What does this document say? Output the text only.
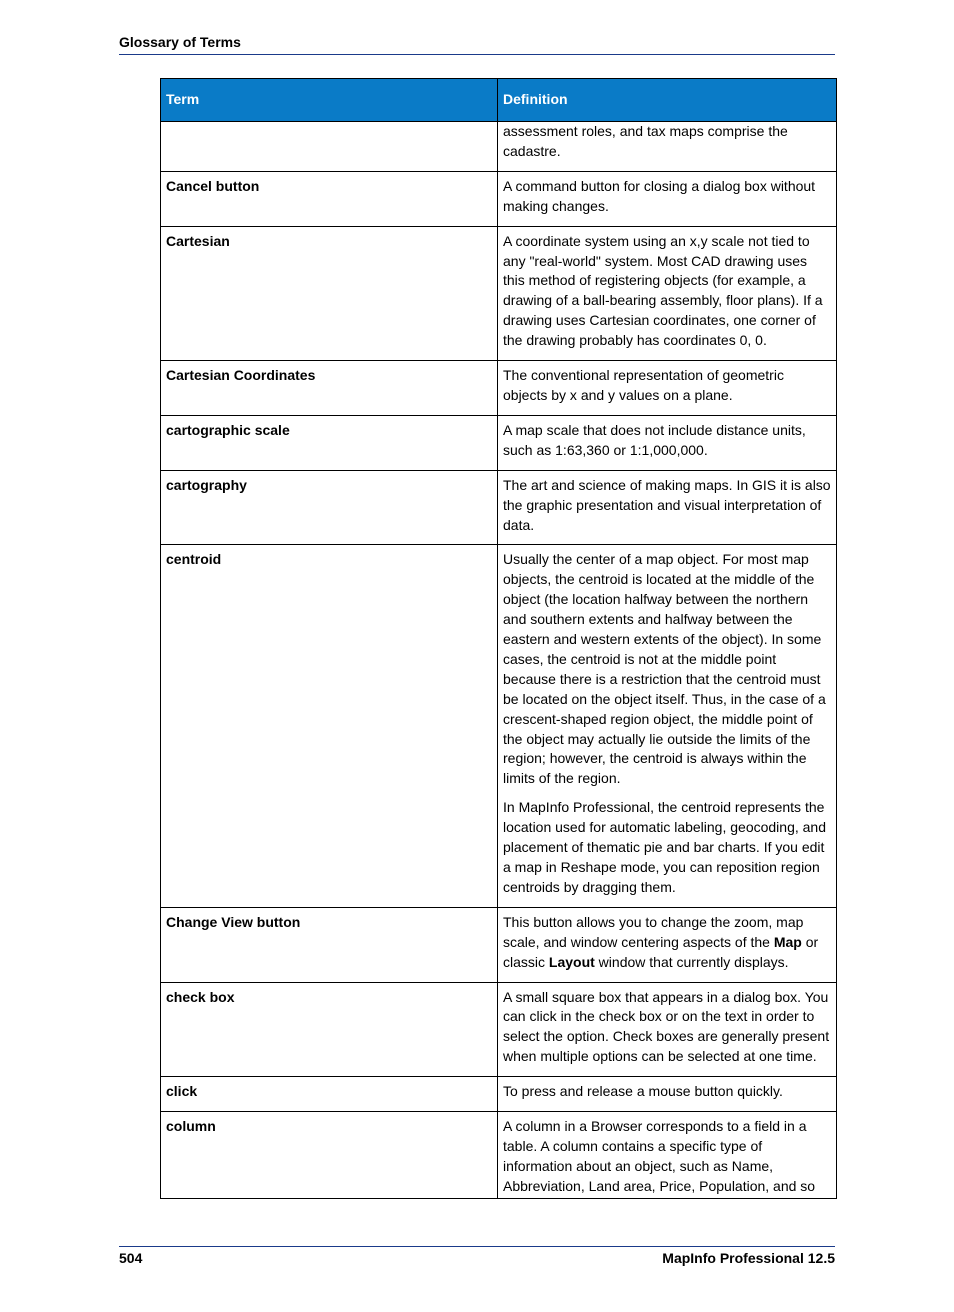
Glossary of Terms
Term	Definition

	assessment roles, and tax maps comprise the cadastre.

Cancel button	A command button for closing a dialog box without making changes.

Cartesian	A coordinate system using an x,y scale not tied to any "real-world" system. Most CAD drawing uses this method of registering objects (for example, a drawing of a ball-bearing assembly, floor plans). If a drawing uses Cartesian coordinates, one corner of the drawing probably has coordinates 0, 0.

Cartesian Coordinates	The conventional representation of geometric objects by x and y values on a plane.

cartographic scale	A map scale that does not include distance units, such as 1:63,360 or 1:1,000,000.

cartography	The art and science of making maps. In GIS it is also the graphic presentation and visual interpretation of data.

centroid	Usually the center of a map object. For most map objects, the centroid is located at the middle of the object (the location halfway between the northern and southern extents and halfway between the eastern and western extents of the object). In some cases, the centroid is not at the middle point because there is a restriction that the centroid must be located on the object itself. Thus, in the case of a crescent-shaped region object, the middle point of the object may actually lie outside the limits of the region; however, the centroid is always within the limits of the region.

In MapInfo Professional, the centroid represents the location used for automatic labeling, geocoding, and placement of thematic pie and bar charts. If you edit a map in Reshape mode, you can reposition region centroids by dragging them.

Change View button	This button allows you to change the zoom, map scale, and window centering aspects of the Map or classic Layout window that currently displays.

check box	A small square box that appears in a dialog box. You can click in the check box or on the text in order to select the option. Check boxes are generally present when multiple options can be selected at one time.

click	To press and release a mouse button quickly.

column	A column in a Browser corresponds to a field in a table. A column contains a specific type of information about an object, such as Name, Abbreviation, Land area, Price, Population, and so

504	MapInfo Professional 12.5
